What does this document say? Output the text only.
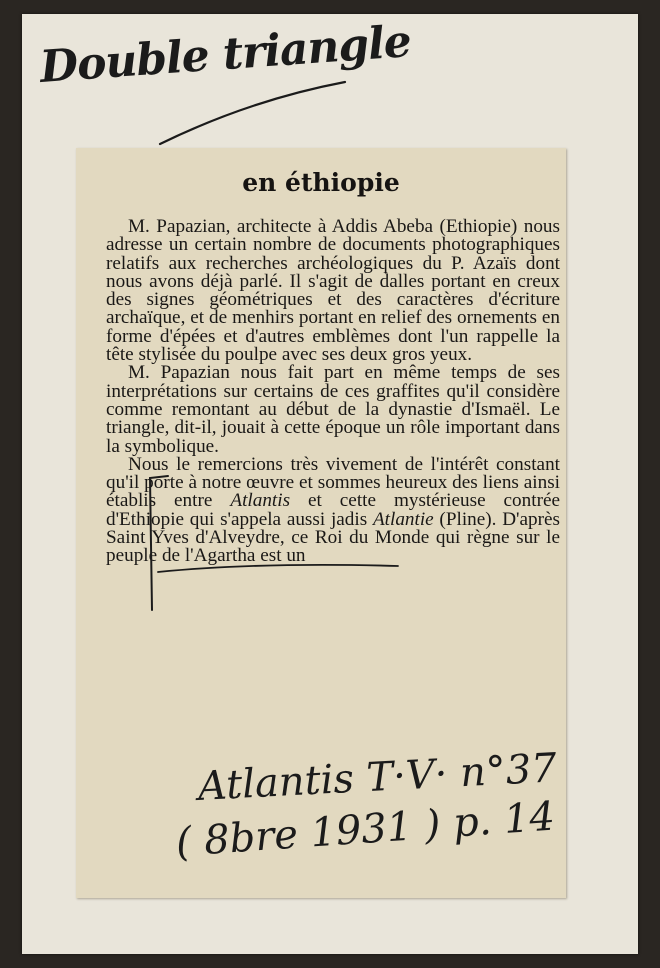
Double triangle
en éthiopie

M. Papazian, architecte à Addis Abeba (Ethiopie) nous adresse un certain nombre de documents photographiques relatifs aux recherches archéologiques du P. Azaïs dont nous avons déjà parlé. Il s'agit de dalles portant en creux des signes géométriques et des caractères d'écriture archaïque, et de menhirs portant en relief des ornements en forme d'épées et d'autres emblèmes dont l'un rappelle la tête stylisée du poulpe avec ses deux gros yeux.

M. Papazian nous fait part en même temps de ses interprétations sur certains de ces graffites qu'il considère comme remontant au début de la dynastie d'Ismaël. Le triangle, dit-il, jouait à cette époque un rôle important dans la symbolique.

Nous le remercions très vivement de l'intérêt constant qu'il porte à notre œuvre et sommes heureux des liens ainsi établis entre Atlantis et cette mystérieuse contrée d'Ethiopie qui s'appela aussi jadis Atlantie (Pline). D'après Saint Yves d'Alveydre, ce Roi du Monde qui règne sur le peuple de l'Agartha est un

Atlantis T·V· n°37
( 8bre 1931 ) p. 14
